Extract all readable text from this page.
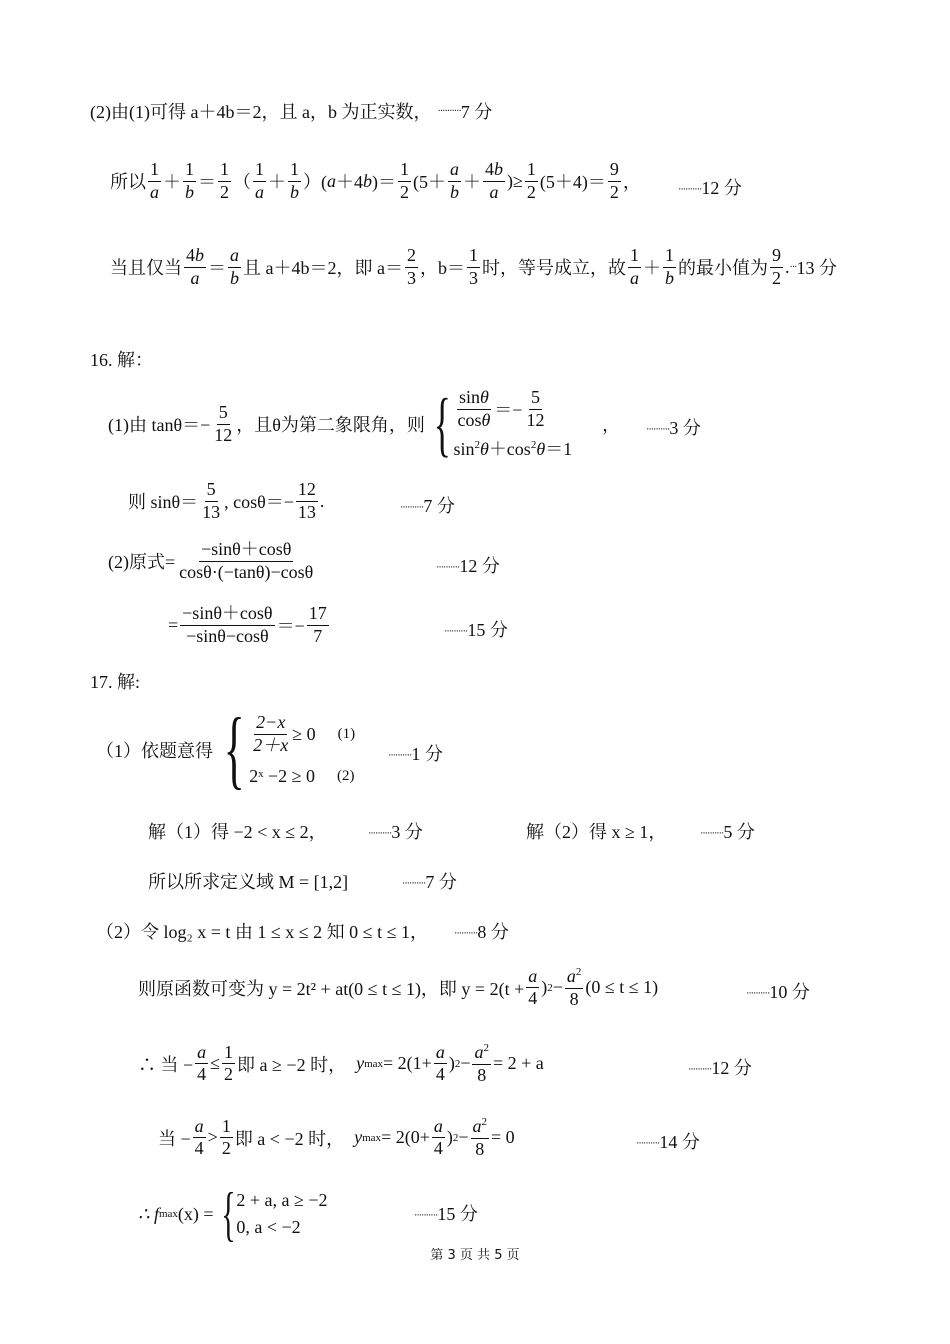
(2)由(1)可得 a＋4b＝2，且 a，b 为正实数， ·········· 7 分
所以 $\frac{1}{a} + \frac{1}{b} = \frac{1}{2}$ （ $\frac{1}{a} + \frac{1}{b}$ ）( a ＋4 b )＝ $\frac{1}{2} (5+ \frac{a}{b} + \frac{4b}{a}$ )≥ $\frac{1}{2} (5+4)= \frac{9}{2}$ ，	··········12 分
当且仅当 $\frac{4b}{a} = \frac{a}{b}$ 且 a＋4b＝2，即 $a= \frac{2}{3}$ ，$b= \frac{1}{3}$ 时，等号成立，故 $\frac{1}{a} + \frac{1}{b}$ 的最小值为 $\frac{9}{2}$ . ··· 13 分
16. 解：
(1)由 $\tan\theta=- \frac{5}{12}$ ，且θ为第二象限角，则 { $\frac{\sin\theta}{\cos\theta} =- \frac{5}{12}$
$\sin^2\theta+\cos^2\theta=1$
，	··········3 分
则 $\sin\theta= \frac{5}{13}$ , $\cos\theta=- \frac{12}{13}$ .	··········7 分
(2)原式= $\frac{-\sin\theta+\cos\theta}{\cos\theta\cdot(-\tan\theta)-\cos\theta}$	··········12 分
= $\frac{-\sin\theta+\cos\theta}{-\sin\theta-\cos\theta} =- \frac{17}{7}$	··········15 分
17. 解:
（1）依题意得 { $\frac{2-x}{2+x} \ge 0$ (1)
2ˣ −2 ≥ 0 (2)
··········1 分
解（1）得 −2 < x ≤ 2，	··········3 分	解（2）得 x ≥ 1，	··········5 分
所以所求定义域 M = [1,2]	··········7 分
（2）令 log₂ x = t 由 1 ≤ x ≤ 2 知 0 ≤ t ≤ 1，	··········8 分
则原函数可变为 y = 2t² + at(0 ≤ t ≤ 1)，即 $y = 2(t + \frac{a}{4}$ ) $2 - \frac{a^2}{8} (0 \le t \le 1)$	··········10 分
∴ 当 − $\frac{a}{4} \le \frac{1}{2}$ 即 a ≥ −2 时， y $\max = 2(1+ \frac{a}{4}$ ) $2 - \frac{a^2}{8} = 2 + a$	··········12 分
当 − $\frac{a}{4} > \frac{1}{2}$ 即 a < −2 时， y $\max = 2(0+ \frac{a}{4}$ ) $2 - \frac{a^2}{8} = 0$	··········14 分
∴ f max (x) = { 2 + a, a ≥ −2
0, a < −2
··········15 分
第 3 页 共 5 页
